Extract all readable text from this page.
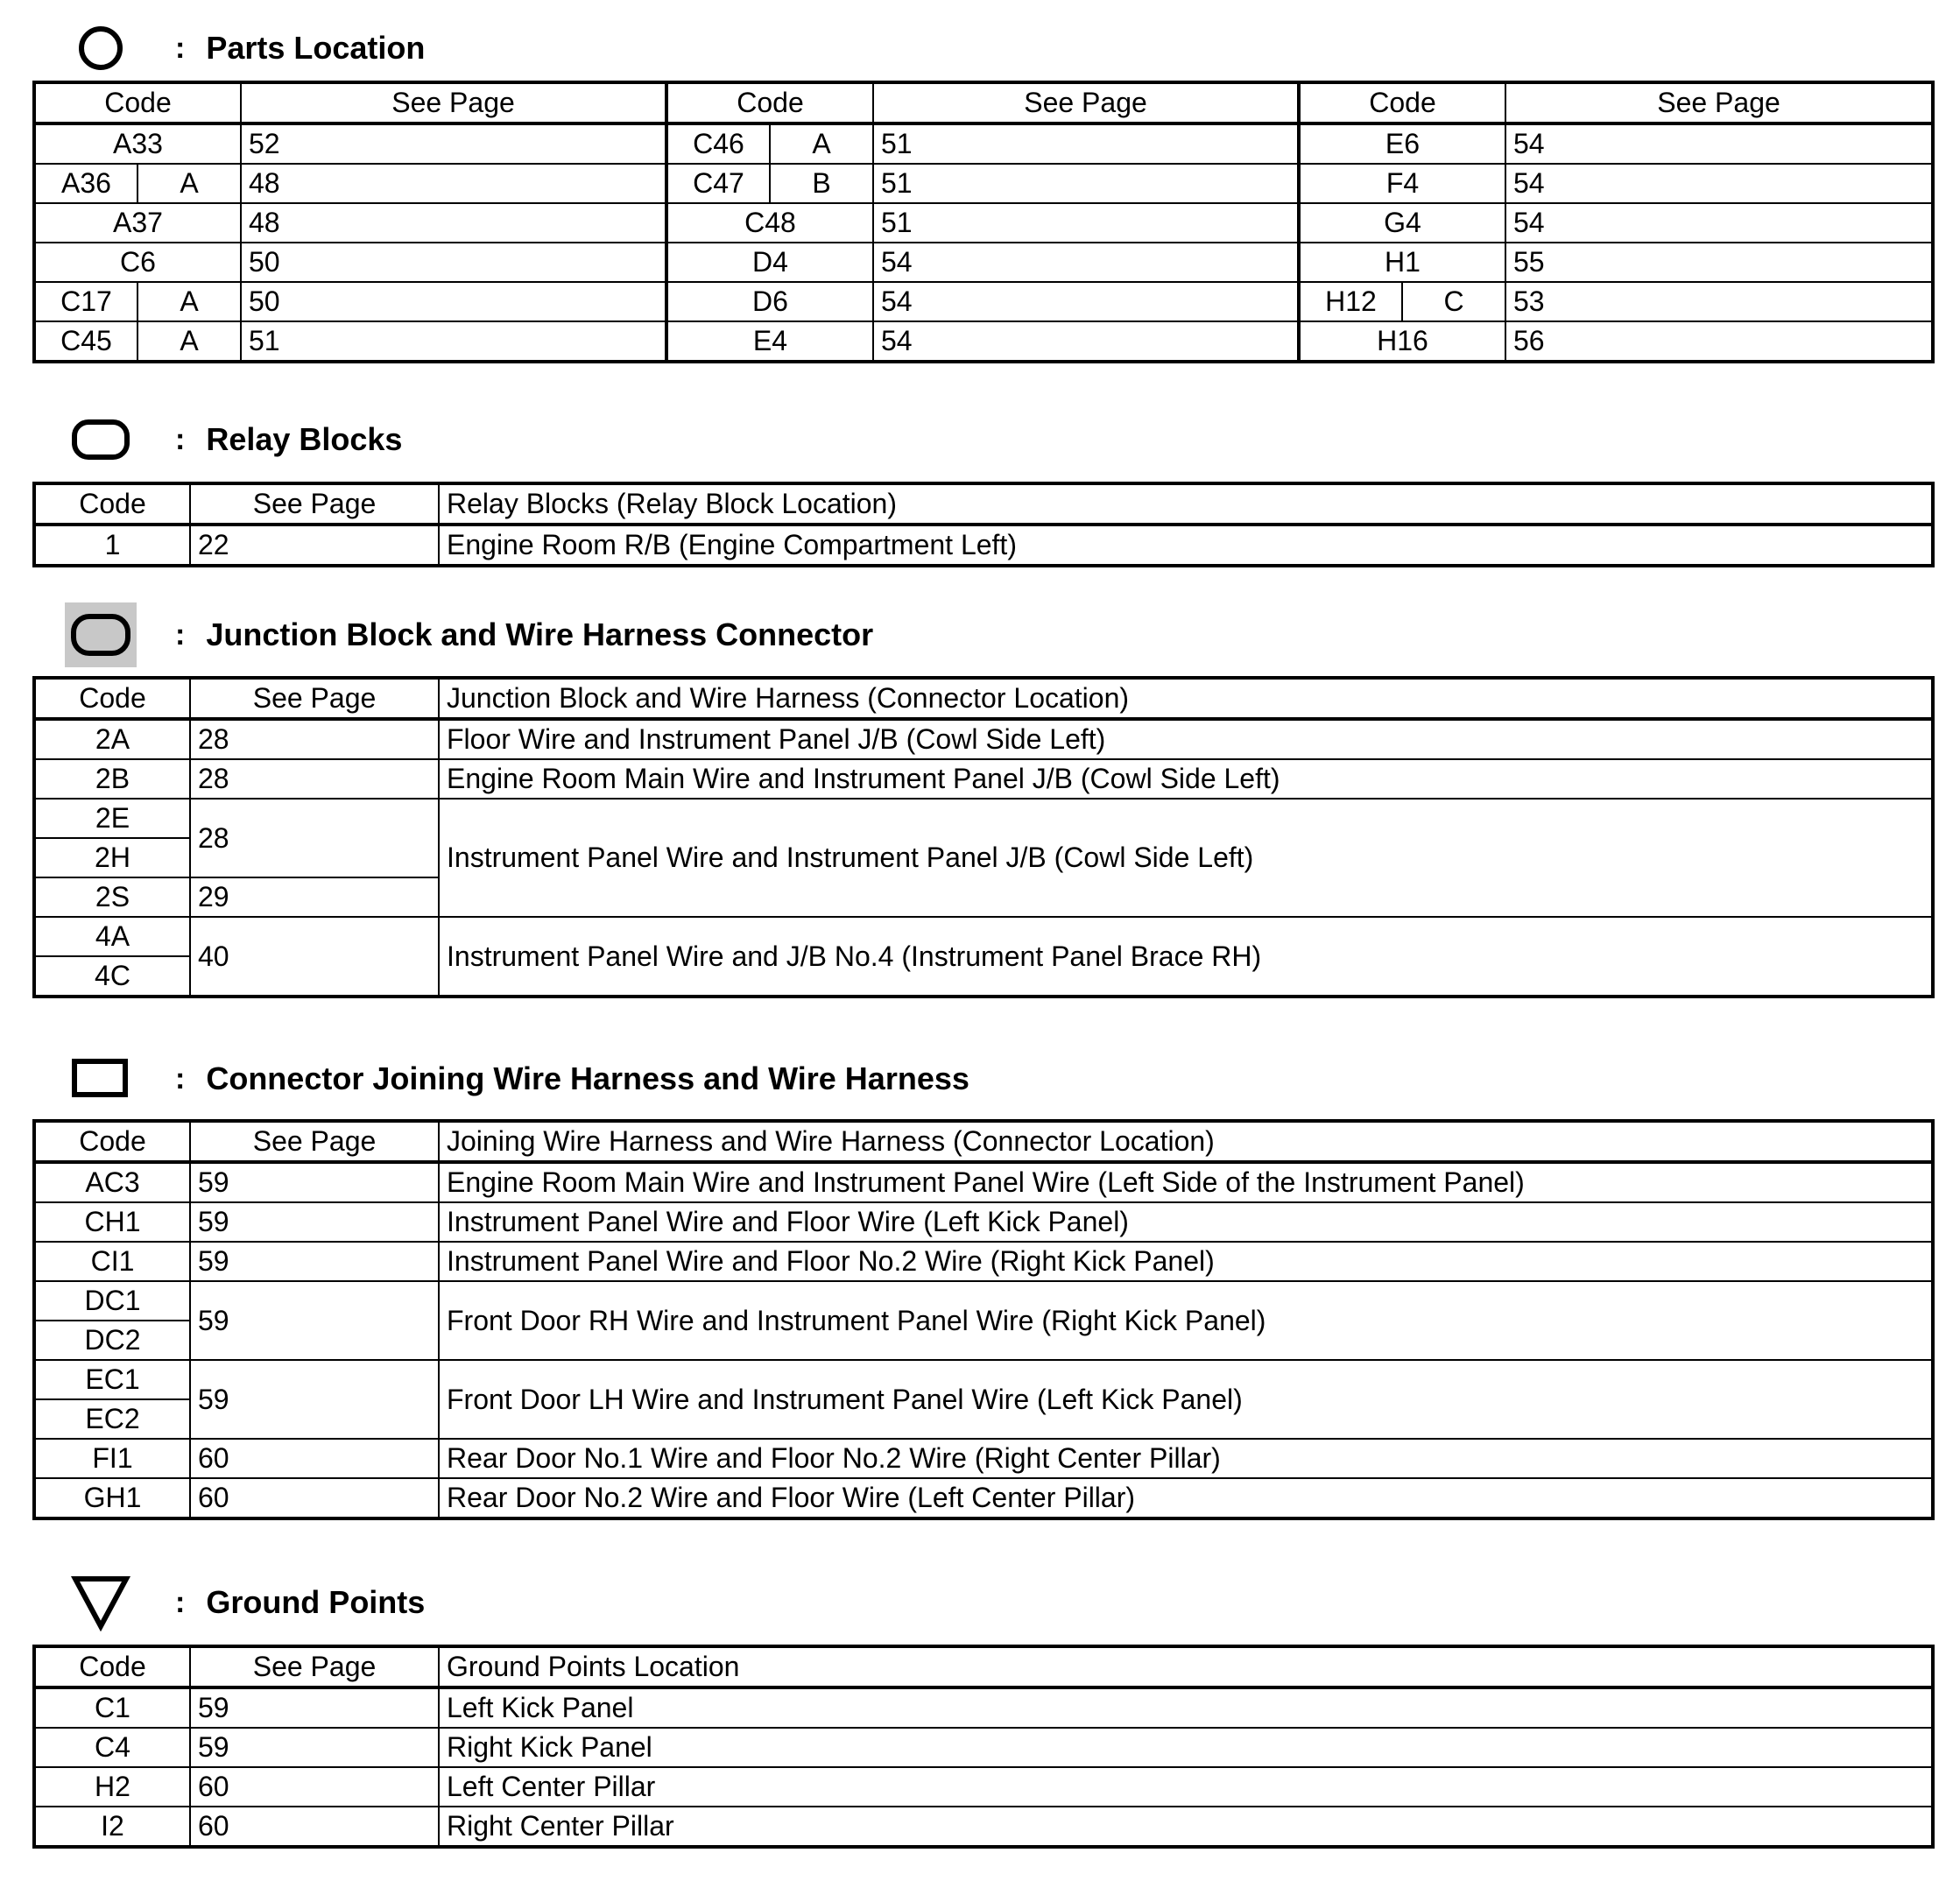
: Parts Location
Code		See Page	Code		See Page	Code		See Page
A33		52	C46	A	51	E6		54
A36	A	48	C47	B	51	F4		54
A37		48	C48		51	G4		54
C6		50	D4		54	H1		55
C17	A	50	D6		54	H12	C	53
C45	A	51	E4		54	H16		56
: Relay Blocks
Code	See Page	Relay Blocks (Relay Block Location)
1	22	Engine Room R/B (Engine Compartment Left)
: Junction Block and Wire Harness Connector
Code	See Page	Junction Block and Wire Harness (Connector Location)
2A	28	Floor Wire and Instrument Panel J/B (Cowl Side Left)
2B	28	Engine Room Main Wire and Instrument Panel J/B (Cowl Side Left)
2E	28	Instrument Panel Wire and Instrument Panel J/B (Cowl Side Left)
2H		
2S	29	
4A	40	Instrument Panel Wire and J/B No.4 (Instrument Panel Brace RH)
4C		
: Connector Joining Wire Harness and Wire Harness
Code	See Page	Joining Wire Harness and Wire Harness (Connector Location)
AC3	59	Engine Room Main Wire and Instrument Panel Wire (Left Side of the Instrument Panel)
CH1	59	Instrument Panel Wire and Floor Wire (Left Kick Panel)
CI1	59	Instrument Panel Wire and Floor No.2 Wire (Right Kick Panel)
DC1	59	Front Door RH Wire and Instrument Panel Wire (Right Kick Panel)
DC2		
EC1	59	Front Door LH Wire and Instrument Panel Wire (Left Kick Panel)
EC2		
FI1	60	Rear Door No.1 Wire and Floor No.2 Wire (Right Center Pillar)
GH1	60	Rear Door No.2 Wire and Floor Wire (Left Center Pillar)
: Ground Points
Code	See Page	Ground Points Location
C1	59	Left Kick Panel
C4	59	Right Kick Panel
H2	60	Left Center Pillar
I2	60	Right Center Pillar
